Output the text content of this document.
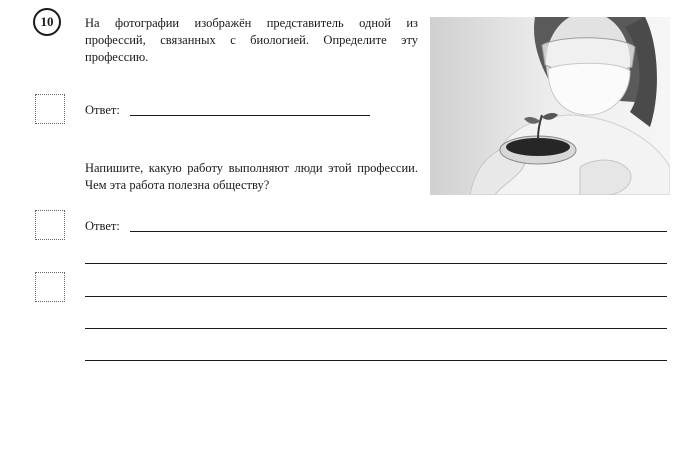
10	На фотографии изображён представитель одной из профессий, связанных с биологией. Определите эту профессию.
Ответ:
Напишите, какую работу выполняют люди этой профессии. Чем эта работа полезна обществу?
Ответ:
